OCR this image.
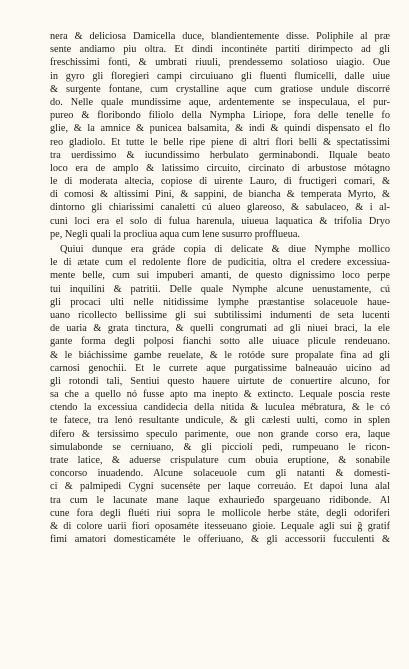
nera & deliciosa Damicella duce, blandientemente disse. Poliphile al præ
sente andiamo piu oltra. Et dindi incontinéte partiti dirimpecto ad gli
freschissimi fonti, & umbrati riuuli, prendessemo solatioso uiagio. Oue
in gyro gli floregieri campi circuiuano gli fluenti flumicelli, dalle uiue
& surgente fontane, cum crystalline aque cum gratiose undule discorré
do. Nelle quale mundissime aque, ardentemente se inspeculaua, el pur-
pureo & floribondo filiolo della Nympha Liriope, fora delle tenelle fo
glie, & la amnice & punicea balsamita, & indi & quindi dispensato el flo
reo gladiolo. Et tutte le belle ripe piene di altri flori belli & spectatissimi
tra uerdissimo & iucundissimo herbulato germinabondi. Ilquale beato
loco era de amplo & latissimo circuito, circinato di arbustose mótagno
le di moderata altecia, copiose di uirente Lauro, di fructigeri comari, &
di comosi & altissimi Pini, & sappini, de biancha & temperata Myrto, &
dintorno gli chiarissimi canaletti cú alueo glareoso, & sabulaceo, & i al-
cuni loci era el solo di fulua harenula, uiueua laquatica & trifolia Dryo
pe, Negli quali la procliua aqua cum lene susurro profflueua.
Quiui dunque era gráde copia di delicate & diue Nymphe mollico
le di ætate cum el redolente flore de pudicitia, oltra el credere excessiua-
mente belle, cum sui impuberi amanti, de questo dignissimo loco perpe
tui inquilini & patritii. Delle quale Nymphe alcune uenustamente, cú
gli procaci ulti nelle nitidissime lymphe præstantise solaceuole haue-
uano ricollecto bellissime gli sui subtilissimi indumenti de seta lucenti
de uaria & grata tinctura, & quelli congrumati ad gli niuei braci, la ele
gante forma degli polposi fianchi sotto alle uiuace plicule rendeuano.
& le biáchissime gambe reuelate, & le rotóde sure propalate fina ad gli
carnosi genochii. Et le currete aque purgatissime balneauáo uicino ad
gli rotondi tali, Sentiui questo hauere uirtute de conuertire alcuno, for
sa che a quello nó fusse apto ma inepto & extincto. Lequale poscia reste
ctendo la excessiua candidecia della nitida & luculea mébratura, & le có
te fatece, tra lenó resultante undicule, & gli cælesti uulti, como in splen
difero & tersissimo speculo parimente, oue non grande corso era, laque
simulabonde se cerniuano, & gli picciolí pedi, rumpeuano le ricon-
trate latice, & aduerse crispulature cum obuia eruptione, & sonabile
concorso inuadendo. Alcune solaceuole cum gli natanti & domesti-
ci & palmipedi Cygni sucenséte per laque correuáo. Et dapoi luna alal
tra cum le lacunate mane laque exhaurieđo spargeuano ridibonde. Al
cune fora degli fluéti riui sopra le mollicole herbe státe, degli odoriferi
& di colore uarii fiori oposaméte itesseuano gioie. Lequale agli sui ğ gratif
fimi amatori domesticaméte le offeriuano, & gli accessorii fucculenti &
